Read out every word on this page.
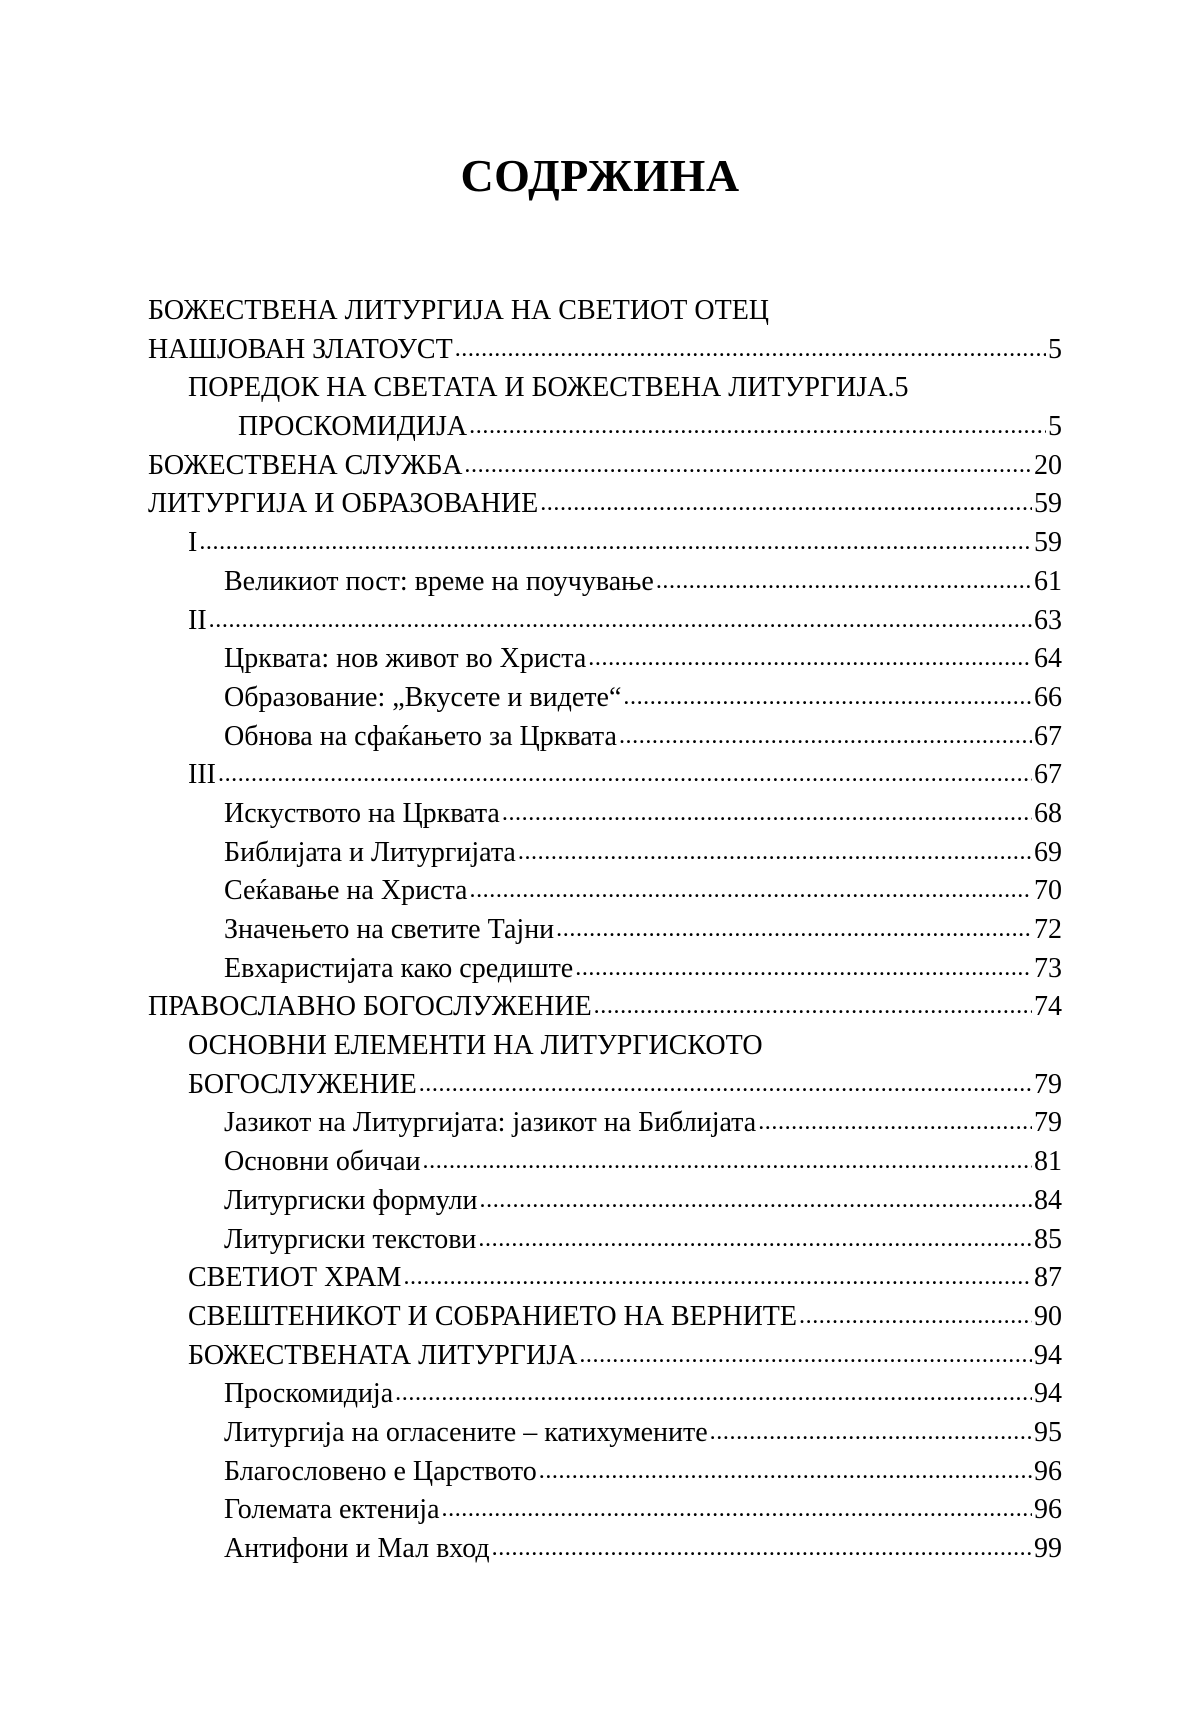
СОДРЖИНА
БОЖЕСТВЕНА ЛИТУРГИЈА НА СВЕТИОТ ОТЕЦ
НАШЈОВАН ЗЛАТОУСТ .....	5
ПОРЕДОК НА СВЕТАТА И БОЖЕСТВЕНА ЛИТУРГИЈА .5
ПРОСКОМИДИЈА .....	5
БОЖЕСТВЕНА СЛУЖБА .....	20
ЛИТУРГИЈА И ОБРАЗОВАНИЕ .....	59
I .....	59
Великиот пост: време на поучување .....	61
II .....	63
Црквата: нов живот во Христа .....	64
Образование: „Вкусете и видете“ .....	66
Обнова на сфаќањето за Црквата .....	67
III .....	67
Искуството на Црквата .....	68
Библијата и Литургијата .....	69
Сеќавање на Христа .....	70
Значењето на светите Тајни .....	72
Евхаристијата како средиште .....	73
ПРАВОСЛАВНО БОГОСЛУЖЕНИЕ .....	74
ОСНОВНИ ЕЛЕМЕНТИ НА ЛИТУРГИСКОТО
БОГОСЛУЖЕНИЕ .....	79
Јазикот на Литургијата: јазикот на Библијата .....	79
Основни обичаи .....	81
Литургиски формули .....	84
Литургиски текстови .....	85
СВЕТИОТ ХРАМ .....	87
СВЕШТЕНИКОТ И СОБРАНИЕТО НА ВЕРНИТЕ .....	90
БОЖЕСТВЕНАТА ЛИТУРГИЈА .....	94
Проскомидија .....	94
Литургија на огласените – катихумените .....	95
Благословено е Царството .....	96
Големата ектенија .....	96
Антифони и Мал вход .....	99
